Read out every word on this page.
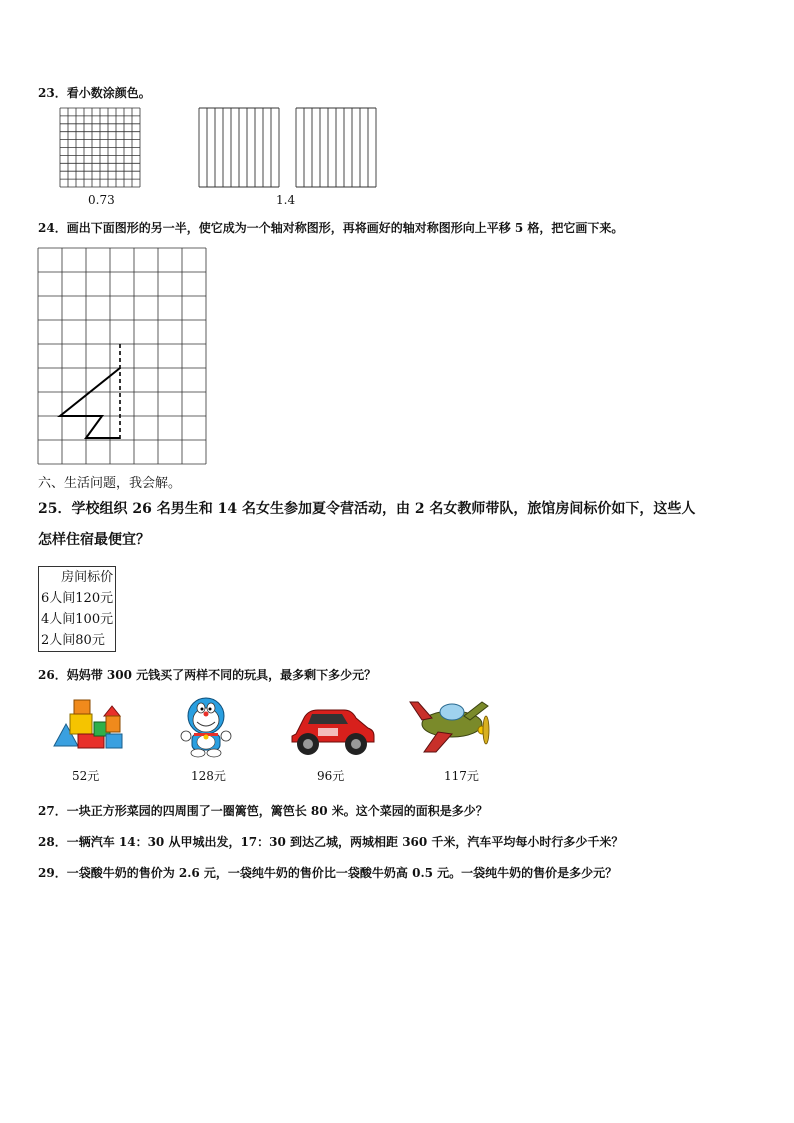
23．看小数涂颜色。
0.73	1.4
24．画出下面图形的另一半，使它成为一个轴对称图形，再将画好的轴对称图形向上平移 5 格，把它画下来。
六、生活问题，我会解。
25．学校组织 26 名男生和 14 名女生参加夏令营活动，由 2 名女教师带队，旅馆房间标价如下，这些人
怎样住宿最便宜？
房间标价
6人间120元
4人间100元
2人间80元
26．妈妈带 300 元钱买了两样不同的玩具，最多剩下多少元？
52元	128元	96元	117元
27．一块正方形菜园的四周围了一圈篱笆，篱笆长 80 米。这个菜园的面积是多少？
28．一辆汽车 14：30 从甲城出发，17：30 到达乙城，两城相距 360 千米，汽车平均每小时行多少千米？
29．一袋酸牛奶的售价为 2.6 元，一袋纯牛奶的售价比一袋酸牛奶高 0.5 元。一袋纯牛奶的售价是多少元？
